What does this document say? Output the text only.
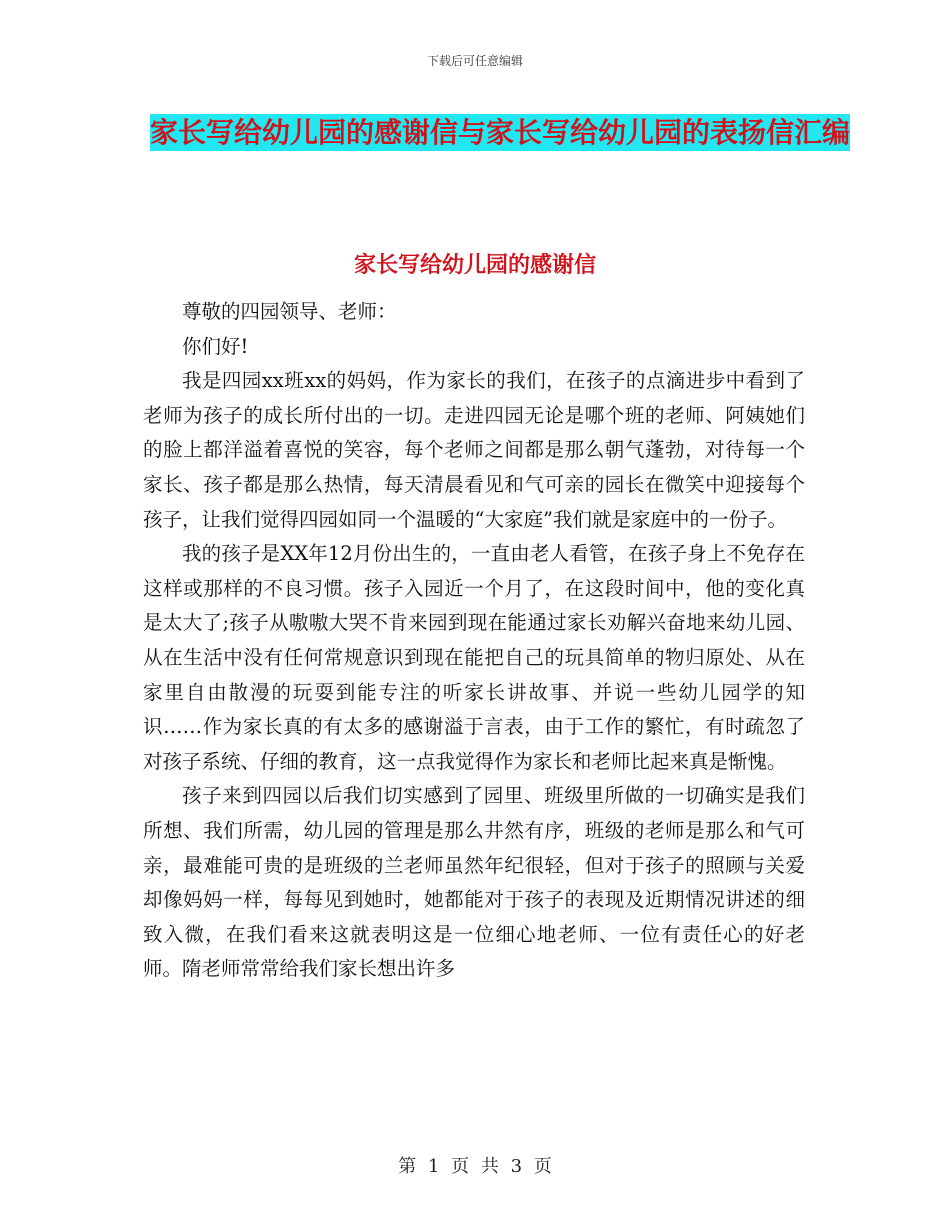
下载后可任意编辑
家长写给幼儿园的感谢信与家长写给幼儿园的表扬信汇编
家长写给幼儿园的感谢信

尊敬的四园领导、老师：

你们好!

我是四园xx班xx的妈妈，作为家长的我们，在孩子的点滴进步中看到了老师为孩子的成长所付出的一切。走进四园无论是哪个班的老师、阿姨她们的脸上都洋溢着喜悦的笑容，每个老师之间都是那么朝气蓬勃，对待每一个家长、孩子都是那么热情，每天清晨看见和气可亲的园长在微笑中迎接每个孩子，让我们觉得四园如同一个温暖的“大家庭”我们就是家庭中的一份子。

我的孩子是XX年12月份出生的，一直由老人看管，在孩子身上不免存在这样或那样的不良习惯。孩子入园近一个月了，在这段时间中，他的变化真是太大了;孩子从嗷嗷大哭不肯来园到现在能通过家长劝解兴奋地来幼儿园、从在生活中没有任何常规意识到现在能把自己的玩具简单的物归原处、从在家里自由散漫的玩耍到能专注的听家长讲故事、并说一些幼儿园学的知识……作为家长真的有太多的感谢溢于言表，由于工作的繁忙，有时疏忽了对孩子系统、仔细的教育，这一点我觉得作为家长和老师比起来真是惭愧。

孩子来到四园以后我们切实感到了园里、班级里所做的一切确实是我们所想、我们所需，幼儿园的管理是那么井然有序，班级的老师是那么和气可亲，最难能可贵的是班级的兰老师虽然年纪很轻，但对于孩子的照顾与关爱却像妈妈一样，每每见到她时，她都能对于孩子的表现及近期情况讲述的细致入微，在我们看来这就表明这是一位细心地老师、一位有责任心的好老师。隋老师常常给我们家长想出许多

第 1 页 共 3 页
